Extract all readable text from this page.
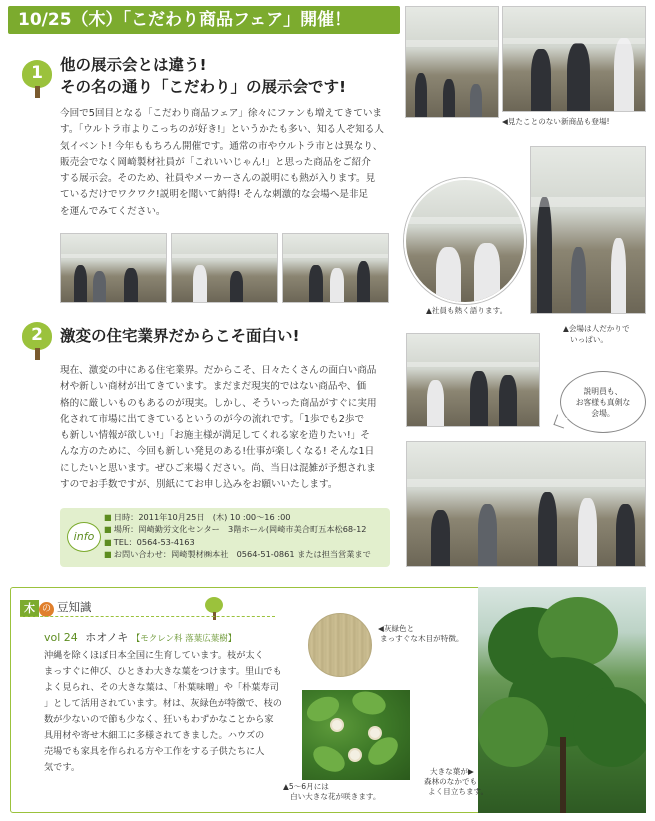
10/25（木）「こだわり商品フェア」開催！
1	他の展示会とは違う!
その名の通り「こだわり」の展示会です!

今回で5回目となる「こだわり商品フェア」徐々にファンも増えてきていま

す。「ウルトラ市よりこっちのが好き!」というかたも多い、知る人ぞ知る人

気イベント! 今年ももちろん開催です。通常の市やウルトラ市とは異なり、

販売会でなく岡崎製材社員が「これいいじゃん!」と思った商品をご紹介

する展示会。そのため、社員やメーカーさんの説明にも熱が入ります。見

ているだけでワクワク!説明を聞いて納得! そんな刺激的な会場へ是非足

を運んでみてください。

◀見たことのない新商品も登場!
▲社員も熱く語ります。
▲会場は人だかりで
いっぱい。
2	激変の住宅業界だからこそ面白い!

現在、激変の中にある住宅業界。だからこそ、日々たくさんの面白い商品

材や新しい商材が出てきています。まだまだ現実的ではない商品や、価

格的に厳しいものもあるのが現実。しかし、そういった商品がすぐに実用

化されて市場に出てきているというのが今の流れです。「1歩でも2歩で

も新しい情報が欲しい!」「お施主様が満足してくれる家を造りたい!」そ

んな方のために、今回も新しい発見のある!仕事が楽しくなる! そんな1日

にしたいと思います。ぜひご来場ください。尚、当日は混雑が予想されま

すのでお手数ですが、別紙にてお申し込みをお願いいたします。

説明員も、
お客様も真剣な
会場。
info
■ 日時：2011年10月25日　(木) 10 :00～16 :00
■ 場所：岡崎勤労文化センター　3階ホール(岡崎市美合町五本松68-12
■ TEL：0564-53-4163
■ お問い合わせ：岡崎製材㈱本社　0564-51-0861 または担当営業まで
木 の 豆知識
vol 24 ホオノキ 【モクレン科 落葉広葉樹】

沖縄を除くほぼ日本全国に生育しています。枝が太く

まっすぐに伸び、ひときわ大きな葉をつけます。里山でも

よく見られ、その大きな葉は、「朴葉味噌」や「朴葉寿司

」として活用されています。材は、灰緑色が特徴で、枝の

数が少ないので節も少なく、狂いもわずかなことから家

具用材や寄せ木細工に多様されてきました。ハウズの

売場でも家具を作られる方や工作をする子供たちに人

気です。

◀灰緑色と
まっすぐな木目が特徴。
▲5～6月には
白い大きな花が咲きます。
大きな葉が▶
森林のなかでも
よく目立ちます。
